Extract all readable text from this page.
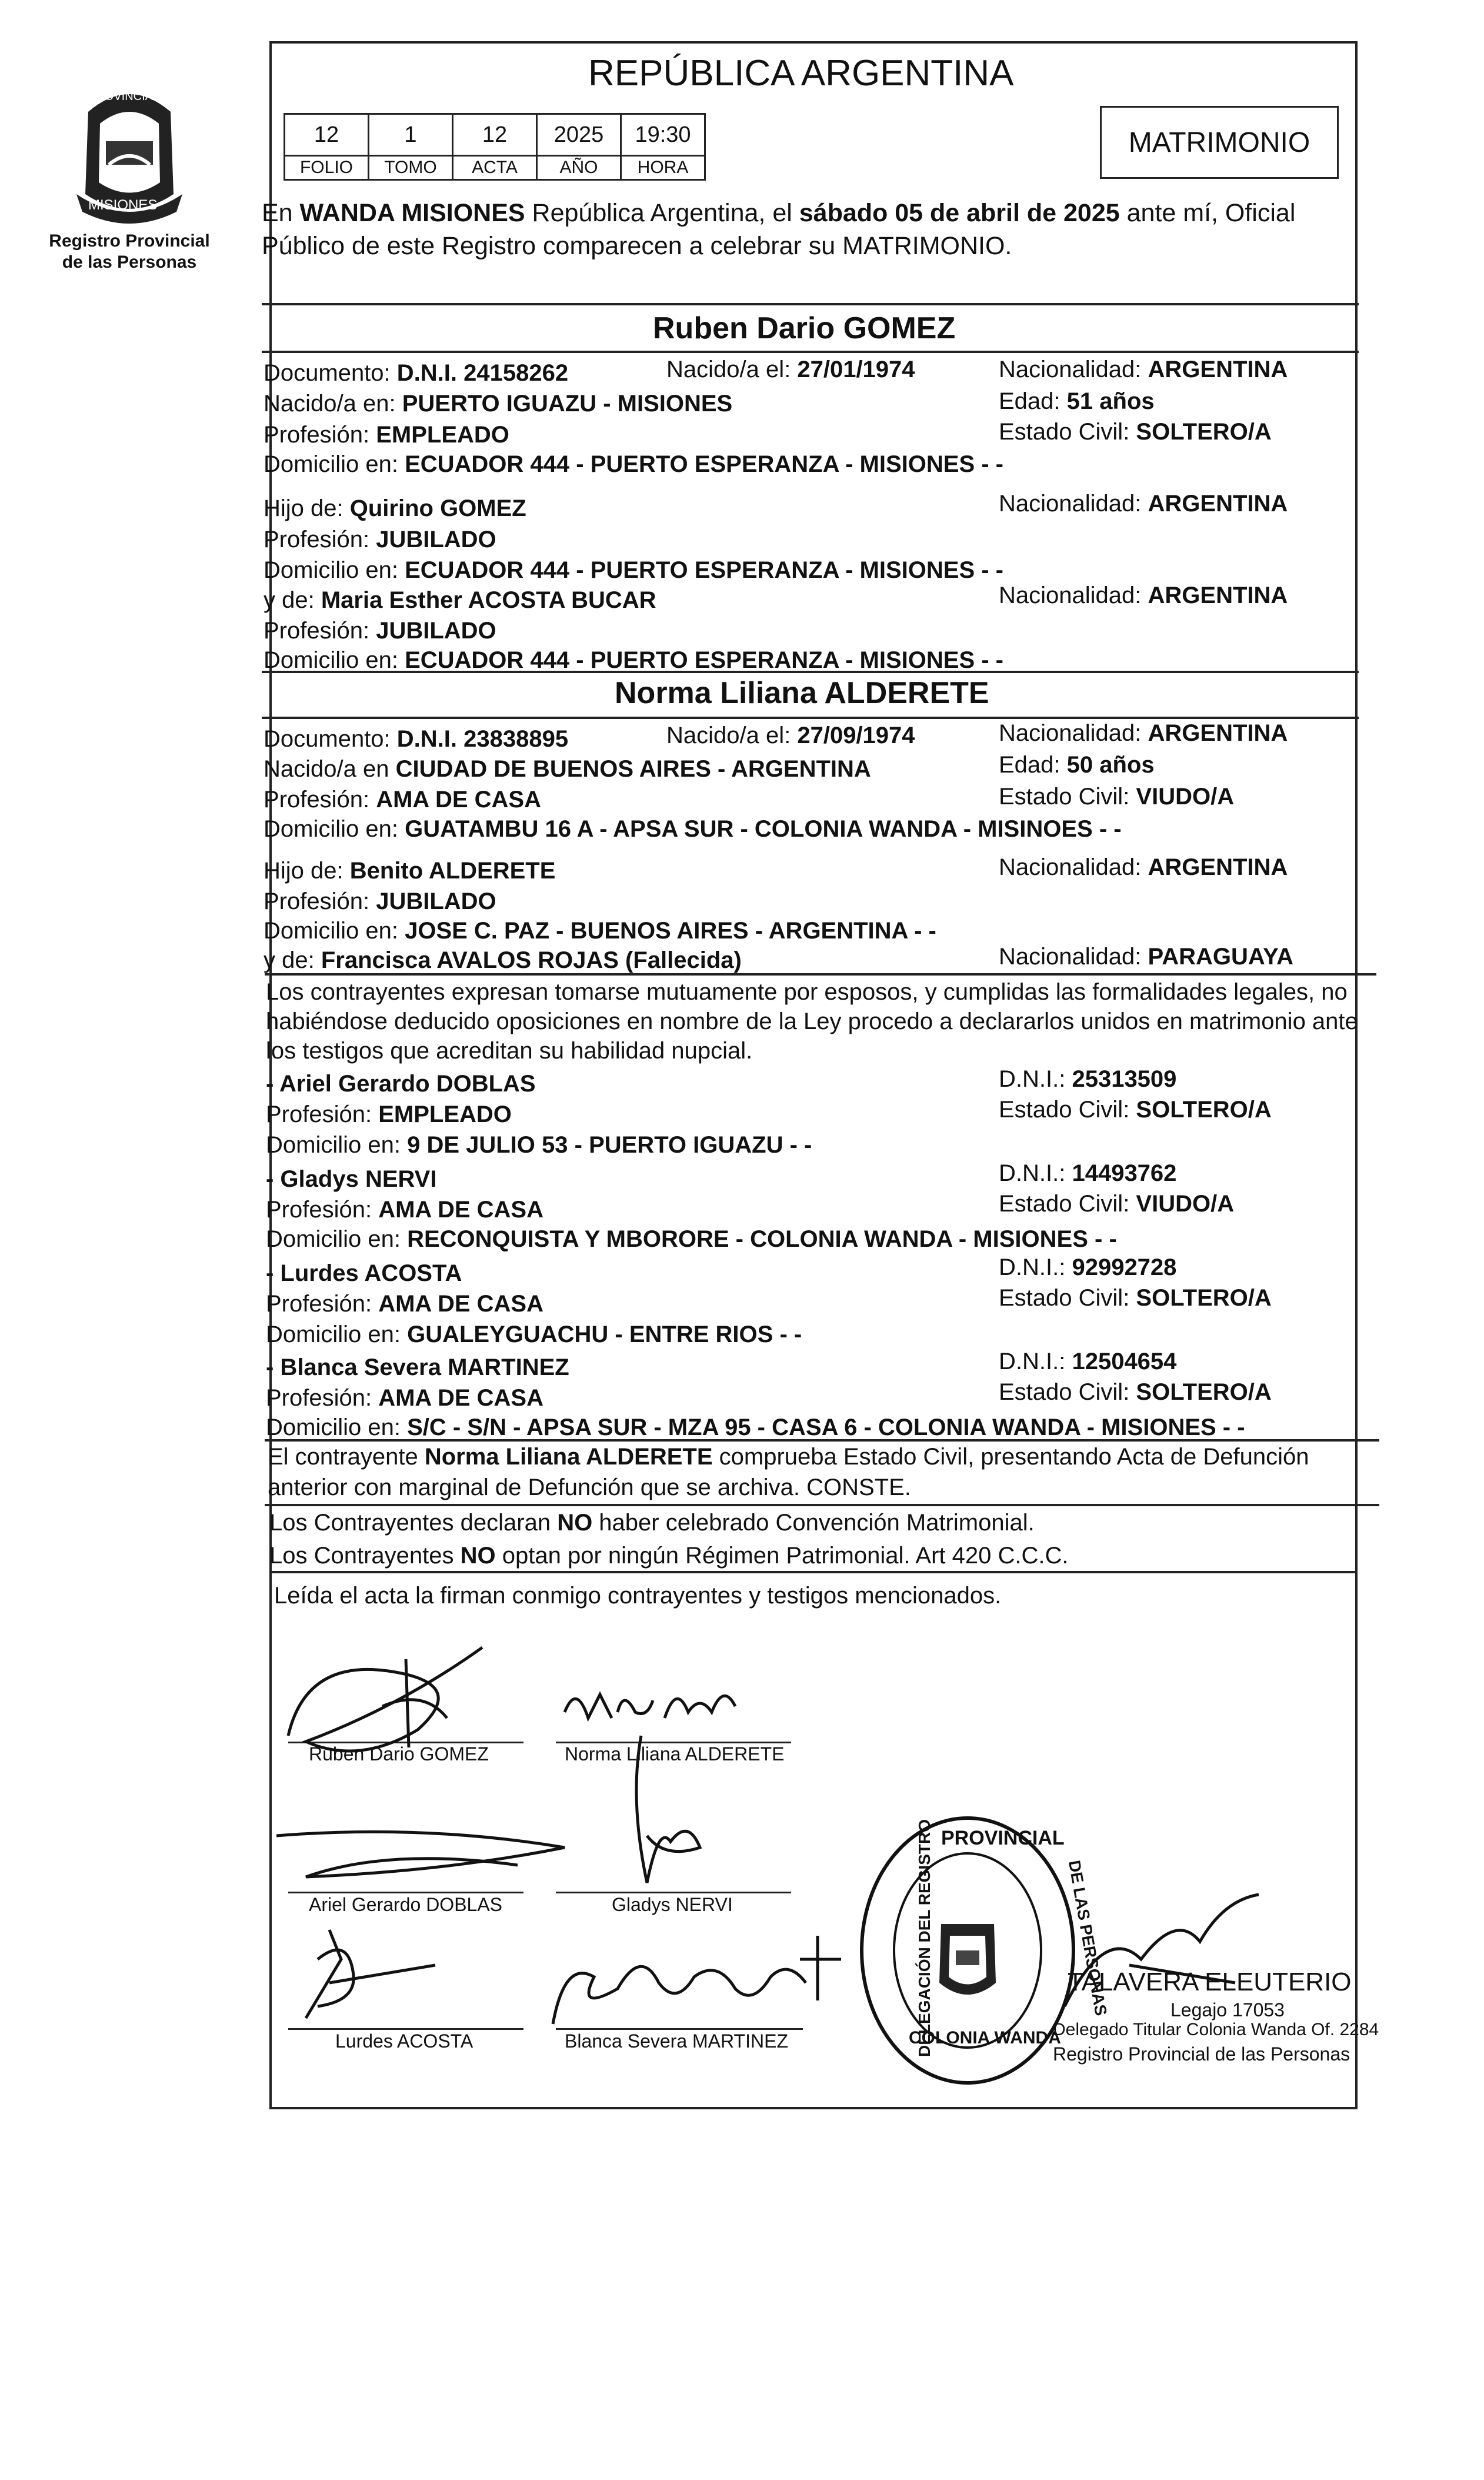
PROVINCIA DE
MISIONES
Registro Provincial
de las Personas
REPÚBLICA ARGENTINA
12	1	12	2025	19:30
FOLIO	TOMO	ACTA	AÑO	HORA
MATRIMONIO
En WANDA MISIONES República Argentina, el sábado 05 de abril de 2025 ante mí, Oficial
Público de este Registro comparecen a celebrar su MATRIMONIO.
Ruben Dario GOMEZ
Documento: D.N.I. 24158262	Nacido/a el: 27/01/1974	Nacionalidad: ARGENTINA
Nacido/a en: PUERTO IGUAZU - MISIONES	Edad: 51 años
Profesión: EMPLEADO	Estado Civil: SOLTERO/A
Domicilio en: ECUADOR 444 - PUERTO ESPERANZA - MISIONES - -
Hijo de: Quirino GOMEZ	Nacionalidad: ARGENTINA
Profesión: JUBILADO
Domicilio en: ECUADOR 444 - PUERTO ESPERANZA - MISIONES - -
y de: Maria Esther ACOSTA BUCAR	Nacionalidad: ARGENTINA
Profesión: JUBILADO
Domicilio en: ECUADOR 444 - PUERTO ESPERANZA - MISIONES - -
Norma Liliana ALDERETE
Documento: D.N.I. 23838895	Nacido/a el: 27/09/1974	Nacionalidad: ARGENTINA
Nacido/a en CIUDAD DE BUENOS AIRES - ARGENTINA	Edad: 50 años
Profesión: AMA DE CASA	Estado Civil: VIUDO/A
Domicilio en: GUATAMBU 16 A - APSA SUR - COLONIA WANDA - MISINOES - -
Hijo de: Benito ALDERETE	Nacionalidad: ARGENTINA
Profesión: JUBILADO
Domicilio en: JOSE C. PAZ - BUENOS AIRES - ARGENTINA - -
y de: Francisca AVALOS ROJAS (Fallecida)	Nacionalidad: PARAGUAYA
Los contrayentes expresan tomarse mutuamente por esposos, y cumplidas las formalidades legales, no
habiéndose deducido oposiciones en nombre de la Ley procedo a declararlos unidos en matrimonio ante
los testigos que acreditan su habilidad nupcial.
- Ariel Gerardo DOBLAS	D.N.I.: 25313509
Profesión: EMPLEADO	Estado Civil: SOLTERO/A
Domicilio en: 9 DE JULIO 53 - PUERTO IGUAZU - -
- Gladys NERVI	D.N.I.: 14493762
Profesión: AMA DE CASA	Estado Civil: VIUDO/A
Domicilio en: RECONQUISTA Y MBORORE - COLONIA WANDA - MISIONES - -
- Lurdes ACOSTA	D.N.I.: 92992728
Profesión: AMA DE CASA	Estado Civil: SOLTERO/A
Domicilio en: GUALEYGUACHU - ENTRE RIOS - -
- Blanca Severa MARTINEZ	D.N.I.: 12504654
Profesión: AMA DE CASA	Estado Civil: SOLTERO/A
Domicilio en: S/C - S/N - APSA SUR - MZA 95 - CASA 6 - COLONIA WANDA - MISIONES - -
El contrayente Norma Liliana ALDERETE comprueba Estado Civil, presentando Acta de Defunción
anterior con marginal de Defunción que se archiva. CONSTE.
Los Contrayentes declaran NO haber celebrado Convención Matrimonial.
Los Contrayentes NO optan por ningún Régimen Patrimonial. Art 420 C.C.C.
Leída el acta la firman conmigo contrayentes y testigos mencionados.
Ruben Dario GOMEZ	Norma Liliana ALDERETE
Ariel Gerardo DOBLAS	Gladys NERVI
Lurdes ACOSTA	Blanca Severa MARTINEZ
PROVINCIAL
DELEGACIÓN DEL REGISTRO	DE LAS PERSONAS
COLONIA WANDA
TALAVERA ELEUTERIO
Legajo 17053
Delegado Titular Colonia Wanda Of. 2284
Registro Provincial de las Personas
